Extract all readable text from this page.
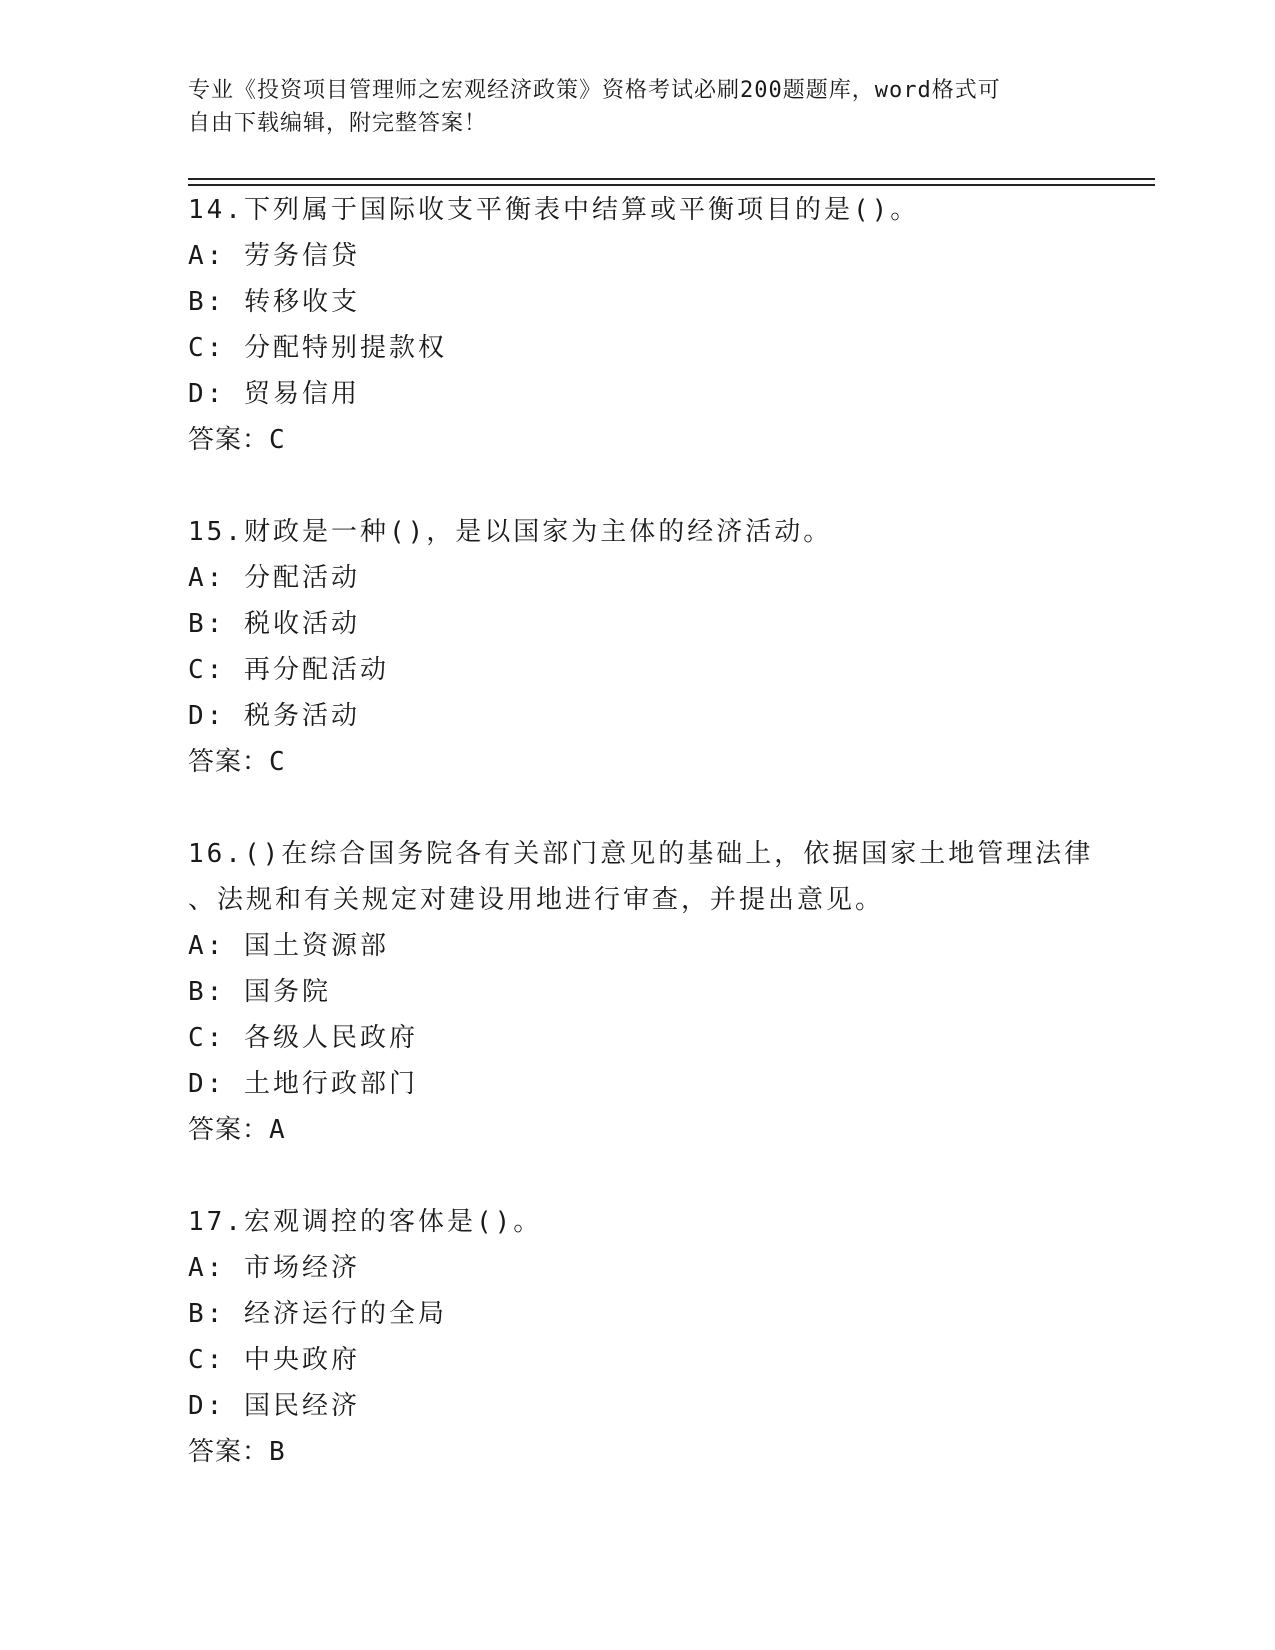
专业《投资项目管理师之宏观经济政策》资格考试必刷200题题库，word格式可
自由下载编辑，附完整答案！
14.下列属于国际收支平衡表中结算或平衡项目的是()。
A: 劳务信贷
B: 转移收支
C: 分配特别提款权
D: 贸易信用
答案：C
15.财政是一种()，是以国家为主体的经济活动。
A: 分配活动
B: 税收活动
C: 再分配活动
D: 税务活动
答案：C
16.()在综合国务院各有关部门意见的基础上，依据国家土地管理法律
、法规和有关规定对建设用地进行审查，并提出意见。
A: 国土资源部
B: 国务院
C: 各级人民政府
D: 土地行政部门
答案：A
17.宏观调控的客体是()。
A: 市场经济
B: 经济运行的全局
C: 中央政府
D: 国民经济
答案：B
